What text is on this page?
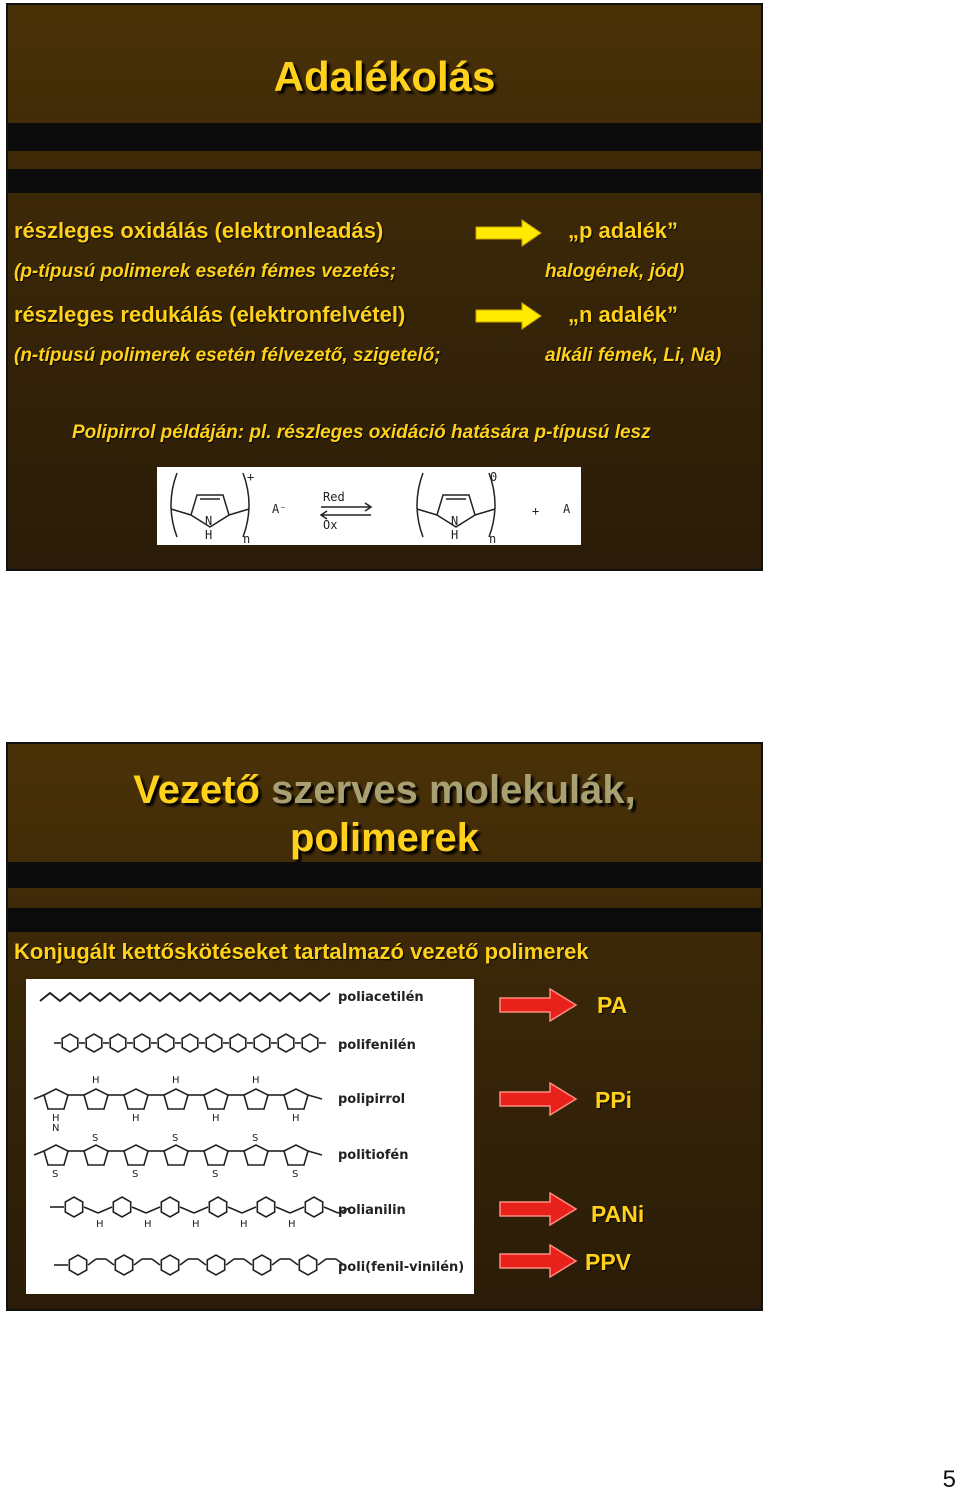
Adalékolás
részleges oxidálás (elektronleadás)	„p adalék”
(p-típusú polimerek esetén fémes vezetés;	halogének, jód)
részleges redukálás (elektronfelvétel)	„n adalék”
(n-típusú polimerek esetén félvezető, szigetelő;	alkáli fémek, Li, Na)
Polipirrol példáján: pl. részleges oxidáció hatására p-típusú lesz
+
n
N
H
A⁻
Red
Ox
0
n
N
H
+ A
Vezető szerves molekulák,
polimerek
Konjugált kettőskötéseket tartalmazó vezető polimerek
H
N
H
H
H
H
H
H
S
S
S
S
S
S
S
H	H	H	H	H
poliacetilén
polifenilén
polipirrol
politiofén
polianilin
poli(fenil-vinilén)
PA
PPi
PANi
PPV
5
